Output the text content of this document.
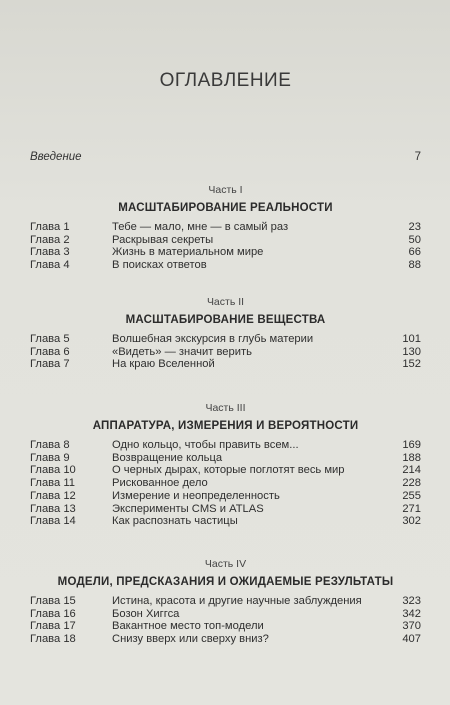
ОГЛАВЛЕНИЕ
Введение	7
Часть I
МАСШТАБИРОВАНИЕ РЕАЛЬНОСТИ
Глава 1	Тебе — мало, мне — в самый раз	23
Глава 2	Раскрывая секреты	50
Глава 3	Жизнь в материальном мире	66
Глава 4	В поисках ответов	88
Часть II
МАСШТАБИРОВАНИЕ ВЕЩЕСТВА
Глава 5	Волшебная экскурсия в глубь материи	101
Глава 6	«Видеть» — значит верить	130
Глава 7	На краю Вселенной	152
Часть III
АППАРАТУРА, ИЗМЕРЕНИЯ И ВЕРОЯТНОСТИ
Глава 8	Одно кольцо, чтобы править всем...	169
Глава 9	Возвращение кольца	188
Глава 10	О черных дырах, которые поглотят весь мир	214
Глава 11	Рискованное дело	228
Глава 12	Измерение и неопределенность	255
Глава 13	Эксперименты CMS и ATLAS	271
Глава 14	Как распознать частицы	302
Часть IV
МОДЕЛИ, ПРЕДСКАЗАНИЯ И ОЖИДАЕМЫЕ РЕЗУЛЬТАТЫ
Глава 15	Истина, красота и другие научные заблуждения	323
Глава 16	Бозон Хиггса	342
Глава 17	Вакантное место топ-модели	370
Глава 18	Снизу вверх или сверху вниз?	407
